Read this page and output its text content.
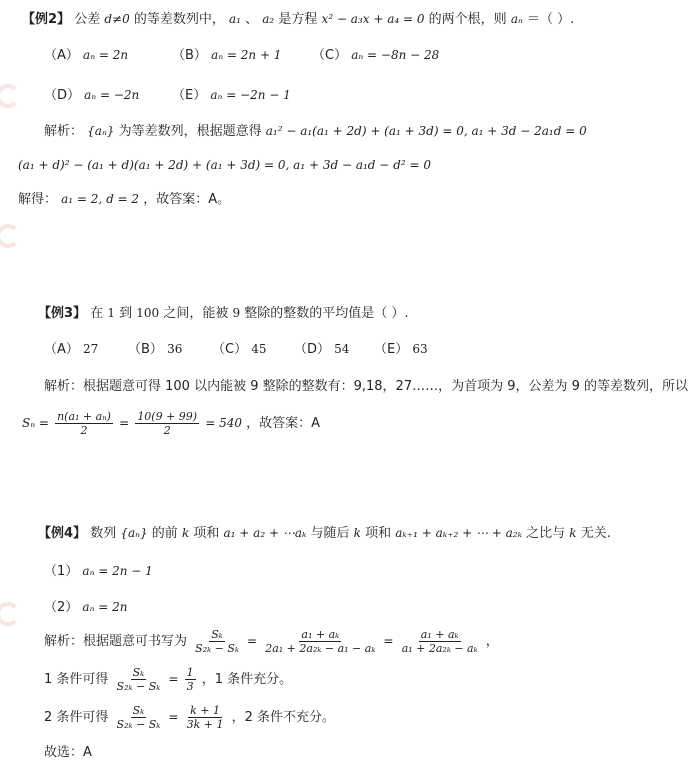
【例2】 公差 d≠0 的等差数列中， a₁ 、 a₂ 是方程 x² − a₃x + a₄ = 0 的两个根，则 aₙ ＝（ ）.
（A） aₙ = 2n	（B） aₙ = 2n + 1 （C） aₙ = −8n − 28
（D） aₙ = −2n	（E） aₙ = −2n − 1
解析： {aₙ} 为等差数列，根据题意得 a₁² − a₁(a₁ + 2d) + (a₁ + 3d) = 0, a₁ + 3d − 2a₁d = 0
(a₁ + d)² − (a₁ + d)(a₁ + 2d) + (a₁ + 3d) = 0, a₁ + 3d − a₁d − d² = 0
解得： a₁ = 2, d = 2 ，故答案：A。
【例3】 在 1 到 100 之间，能被 9 整除的整数的平均值是（ ）.
（A） 27 （B） 36 （C） 45 （D） 54 （E） 63
解析：根据题意可得 100 以内能被 9 整除的整数有：9,18，27……，为首项为 9，公差为 9 的等差数列，所以
$S_n = \frac{\text{n(a₁ + aₙ)}}{2} = \frac{10(9 + 99)}{2} = 540$ ，故答案：A
【例4】 数列 {aₙ} 的前 k 项和 a₁ + a₂ + ⋯aₖ 与随后 k 项和 aₖ₊₁ + aₖ₊₂ + ⋯ + a₂ₖ 之比与 k 无关.
（1） aₙ = 2n − 1
（2） aₙ = 2n
解析：根据题意可书写为 $\frac{\text{Sₖ}}{\text{S₂ₖ − Sₖ}} = \frac{\text{a₁ + aₖ}}{\text{2a₁ + 2a₂ₖ − a₁ − aₖ}} = \frac{\text{a₁ + aₖ}}{\text{a₁ + 2a₂ₖ − aₖ}}$ ，
1 条件可得 $\frac{\text{Sₖ}}{\text{S₂ₖ − Sₖ}} = \frac{1}{3}$ ，1 条件充分。
2 条件可得 $\frac{\text{Sₖ}}{\text{S₂ₖ − Sₖ}} = \frac{k + 1}{3k + 1}$ ，2 条件不充分。
故选：A
